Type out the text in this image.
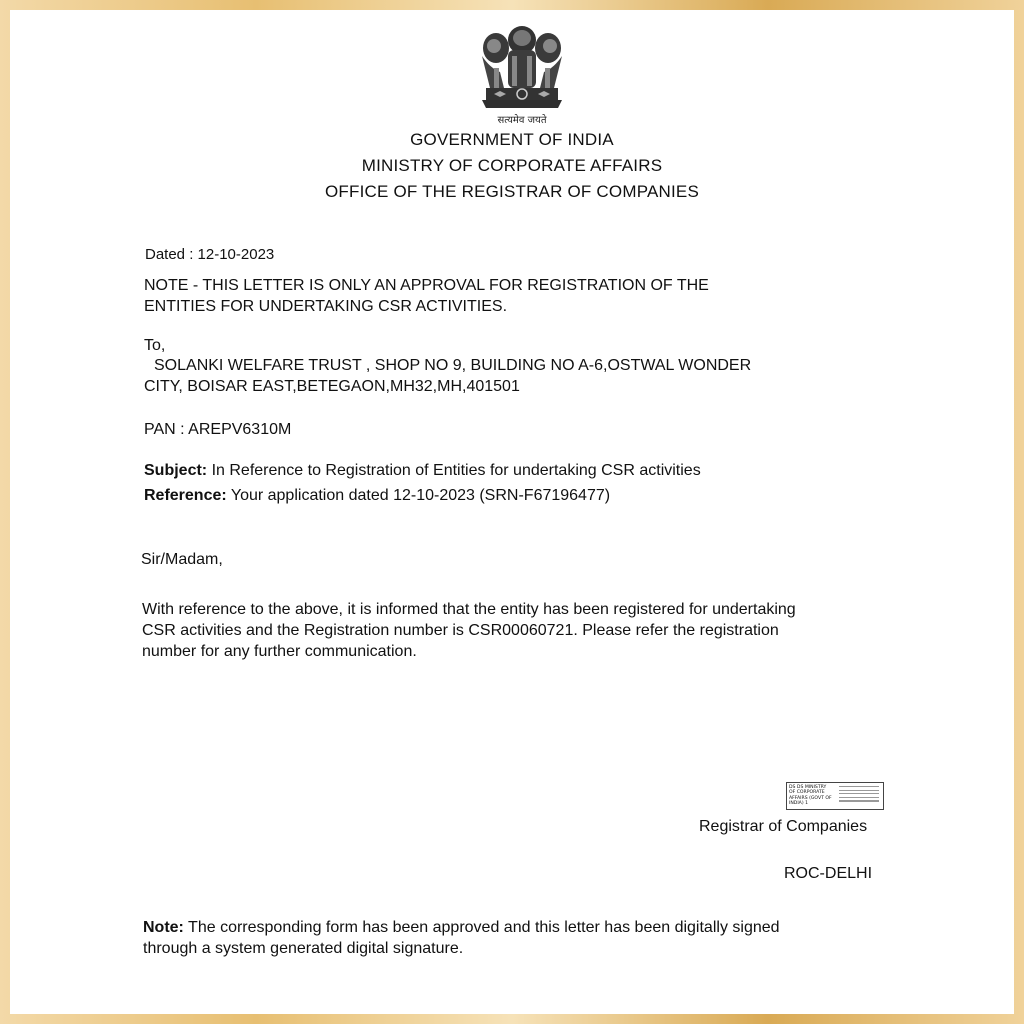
सत्यमेव जयते
GOVERNMENT OF INDIA
MINISTRY OF CORPORATE AFFAIRS
OFFICE OF THE REGISTRAR OF COMPANIES
Dated : 12-10-2023
NOTE - THIS LETTER IS ONLY AN APPROVAL FOR REGISTRATION OF THE
ENTITIES FOR UNDERTAKING CSR ACTIVITIES.
To,
SOLANKI WELFARE TRUST , SHOP NO 9, BUILDING NO A-6,OSTWAL WONDER
CITY, BOISAR EAST,BETEGAON,MH32,MH,401501
PAN : AREPV6310M
Subject: In Reference to Registration of Entities for undertaking CSR activities
Reference: Your application dated 12-10-2023 (SRN-F67196477)
Sir/Madam,
With reference to the above, it is informed that the entity has been registered for undertaking
CSR activities and the Registration number is CSR00060721. Please refer the registration
number for any further communication.
DS DS MINISTRY
OF CORPORATE
AFFAIRS (GOVT OF
INDIA) 1
Registrar of Companies
ROC-DELHI
Note: The corresponding form has been approved and this letter has been digitally signed
through a system generated digital signature.
